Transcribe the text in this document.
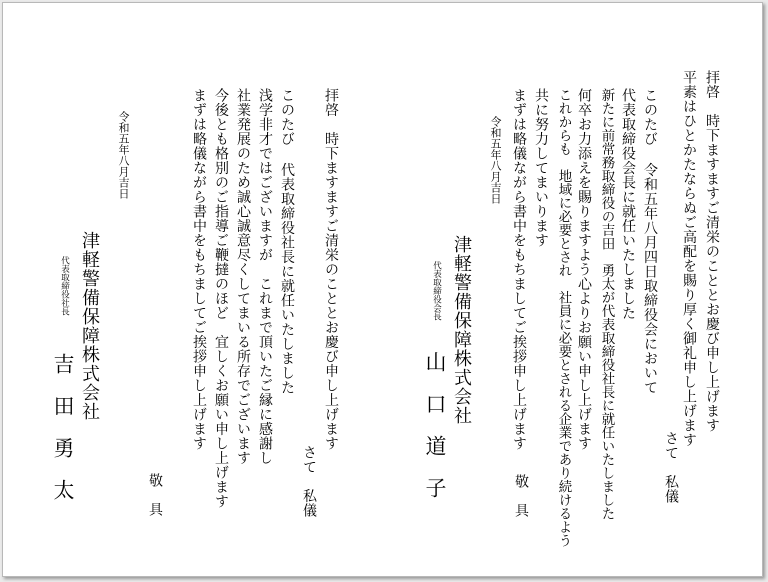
拝啓　時下ますますご清栄のこととお慶び申し上げます
平素はひとかたならぬご高配を賜り厚く御礼申し上げます
さて　私儀
このたび 令和五年八月四日取締役会において
代表取締役会長に就任いたしました
新たに前常務取締役の吉田　勇太が代表取締役社長に就任いたしました
何卒お力添えを賜りますよう心よりお願い申し上げます
これからも　地域に必要とされ　社員に必要とされる企業であり続けるよう
共に努力してまいります
まずは略儀ながら書中をもちましてご挨拶申し上げます
敬　具
令和五年八月吉日
津軽警備保障株式会社
代表取締役会長
山　口　道　子
拝啓　時下ますますご清栄のこととお慶び申し上げます
さて　私儀
このたび 代表取締役社長に就任いたしました
浅学非才ではございますが　これまで頂いたご縁に感謝し
社業発展のため誠心誠意尽くしてまいる所存でございます
今後とも格別のご指導ご鞭撻のほど　宜しくお願い申し上げます
まずは略儀ながら書中をもちましてご挨拶申し上げます
敬　具
令和五年八月吉日
津軽警備保障株式会社
代表取締役社長
吉　田　勇　太
